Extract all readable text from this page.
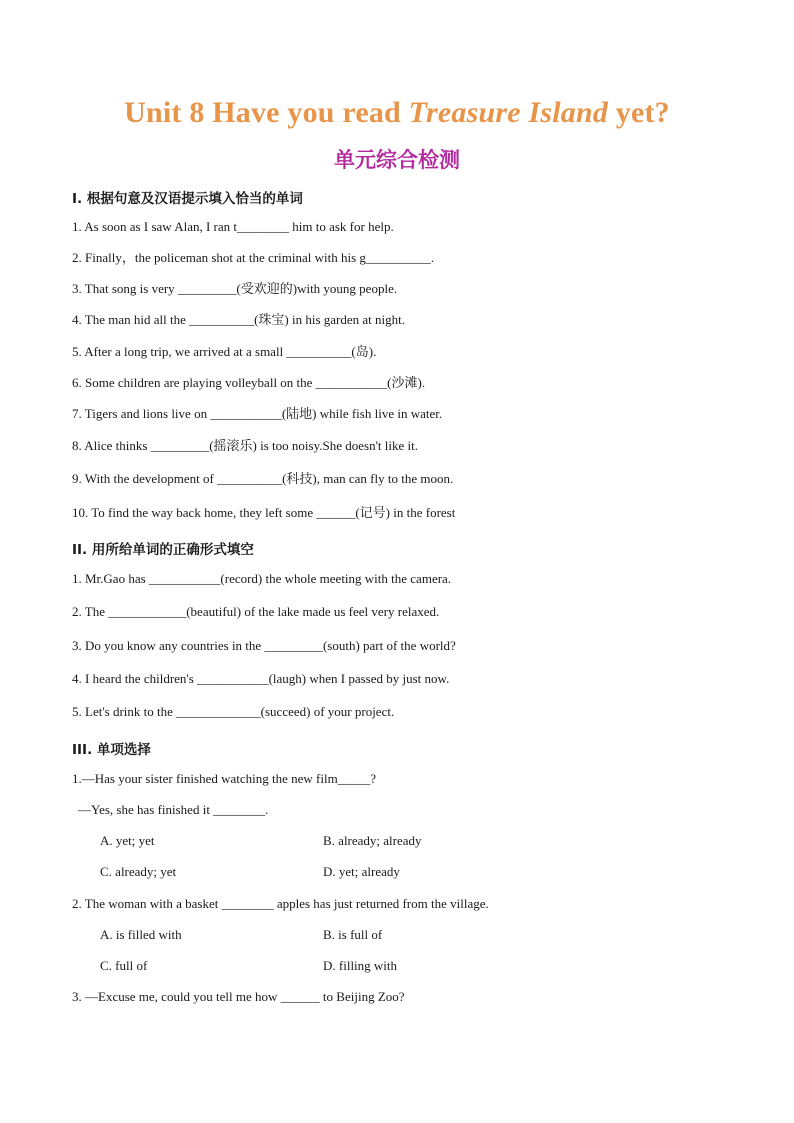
Unit 8 Have you read Treasure Island yet?
单元综合检测
I. 根据句意及汉语提示填入恰当的单词
1. As soon as I saw Alan, I ran t________ him to ask for help.
2. Finally，the policeman shot at the criminal with his g__________.
3. That song is very _________(受欢迎的)with young people.
4. The man hid all the __________(珠宝) in his garden at night.
5. After a long trip, we arrived at a small __________(岛).
6. Some children are playing volleyball on the ___________(沙滩).
7. Tigers and lions live on ___________(陆地) while fish live in water.
8. Alice thinks _________(摇滚乐) is too noisy.She doesn't like it.
9. With the development of __________(科技), man can fly to the moon.
10. To find the way back home, they left some ______(记号) in the forest
II. 用所给单词的正确形式填空
1. Mr.Gao has ___________(record) the whole meeting with the camera.
2. The ____________(beautiful) of the lake made us feel very relaxed.
3. Do you know any countries in the _________(south) part of the world?
4. I heard the children's ___________(laugh) when I passed by just now.
5. Let's drink to the _____________(succeed) of your project.
III. 单项选择
1.—Has your sister finished watching the new film_____?
—Yes, she has finished it ________.
A. yet; yet	B. already; already
C. already; yet	D. yet; already
2. The woman with a basket ________ apples has just returned from the village.
A. is filled with	B. is full of
C. full of	D. filling with
3. —Excuse me, could you tell me how ______ to Beijing Zoo?
